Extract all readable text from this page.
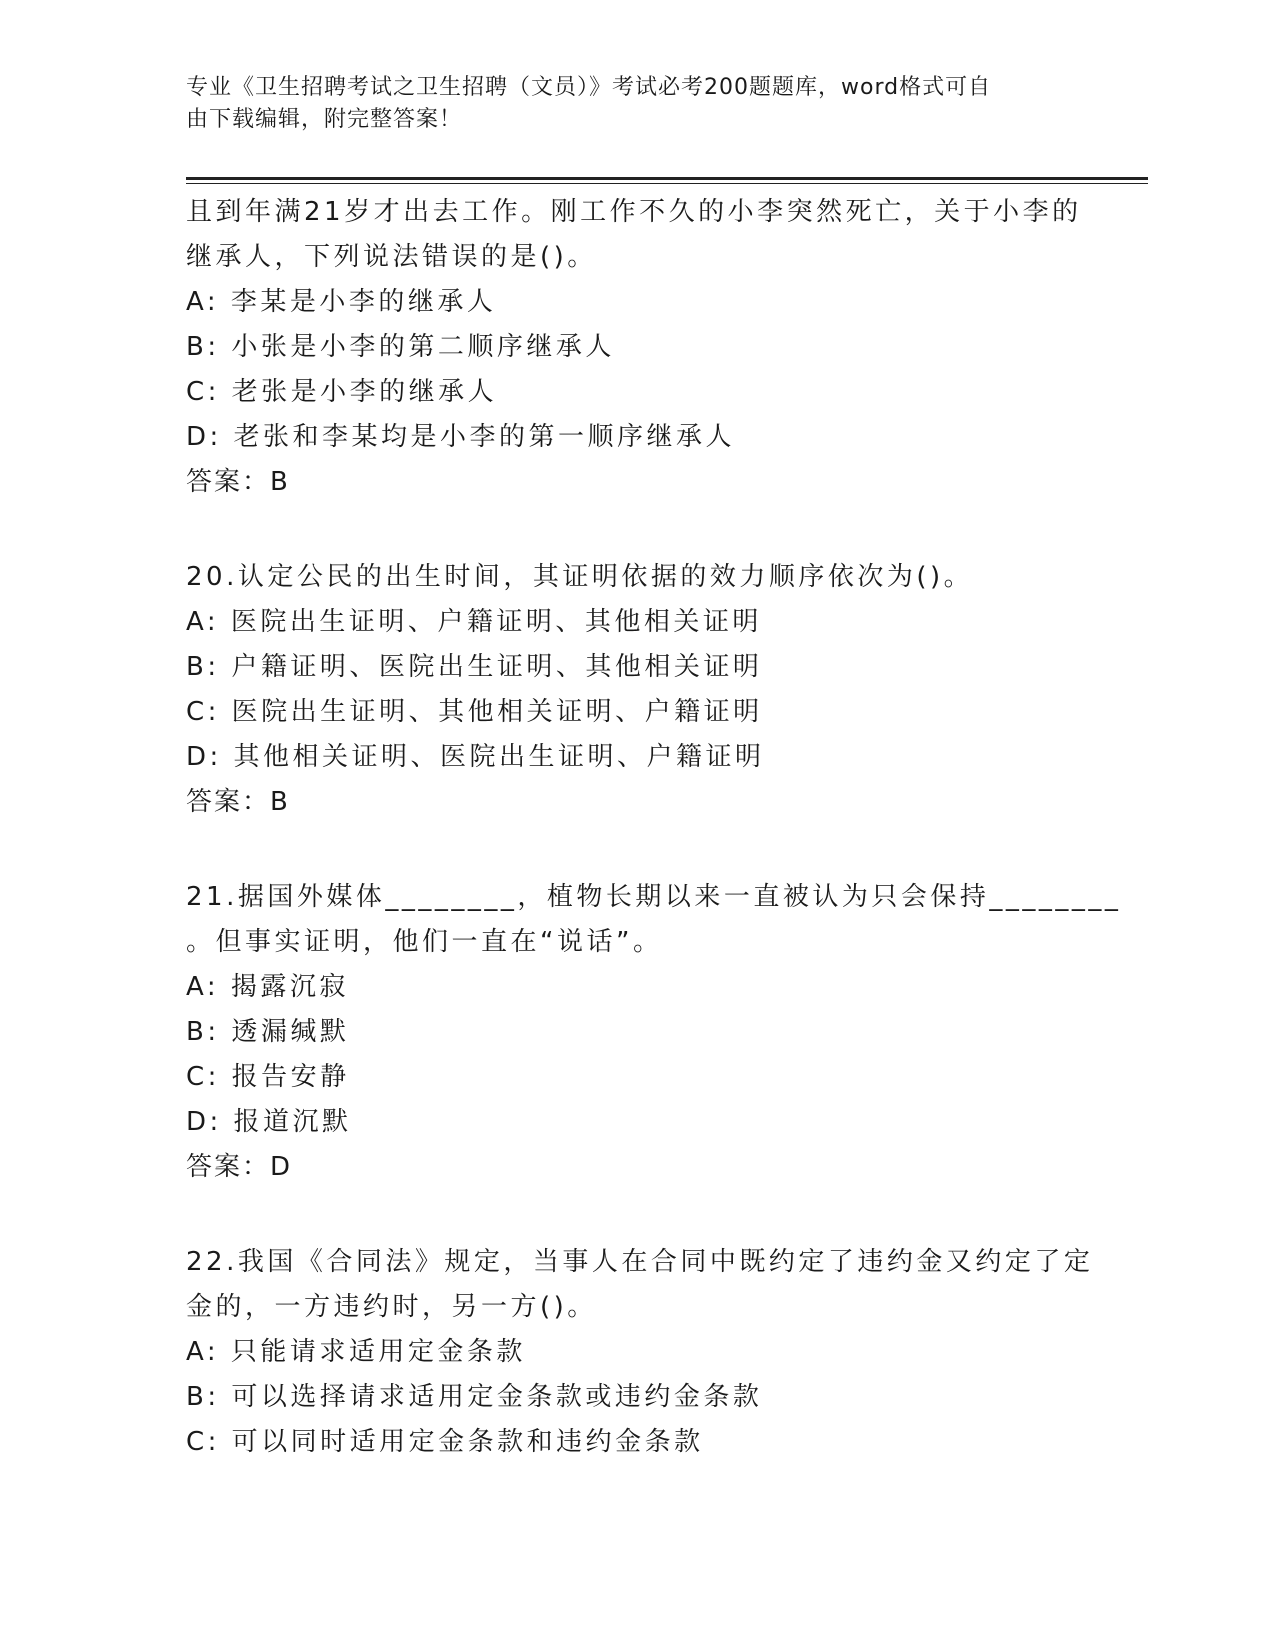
专业《卫生招聘考试之卫生招聘（文员）》考试必考200题题库，word格式可自
由下载编辑，附完整答案！
且到年满21岁才出去工作。刚工作不久的小李突然死亡，关于小李的
继承人，下列说法错误的是()。
A: 李某是小李的继承人
B: 小张是小李的第二顺序继承人
C: 老张是小李的继承人
D: 老张和李某均是小李的第一顺序继承人
答案：B
20.认定公民的出生时间，其证明依据的效力顺序依次为()。
A: 医院出生证明、户籍证明、其他相关证明
B: 户籍证明、医院出生证明、其他相关证明
C: 医院出生证明、其他相关证明、户籍证明
D: 其他相关证明、医院出生证明、户籍证明
答案：B
21.据国外媒体________，植物长期以来一直被认为只会保持________
。但事实证明，他们一直在“说话”。
A: 揭露沉寂
B: 透漏缄默
C: 报告安静
D: 报道沉默
答案：D
22.我国《合同法》规定，当事人在合同中既约定了违约金又约定了定
金的，一方违约时，另一方()。
A: 只能请求适用定金条款
B: 可以选择请求适用定金条款或违约金条款
C: 可以同时适用定金条款和违约金条款
